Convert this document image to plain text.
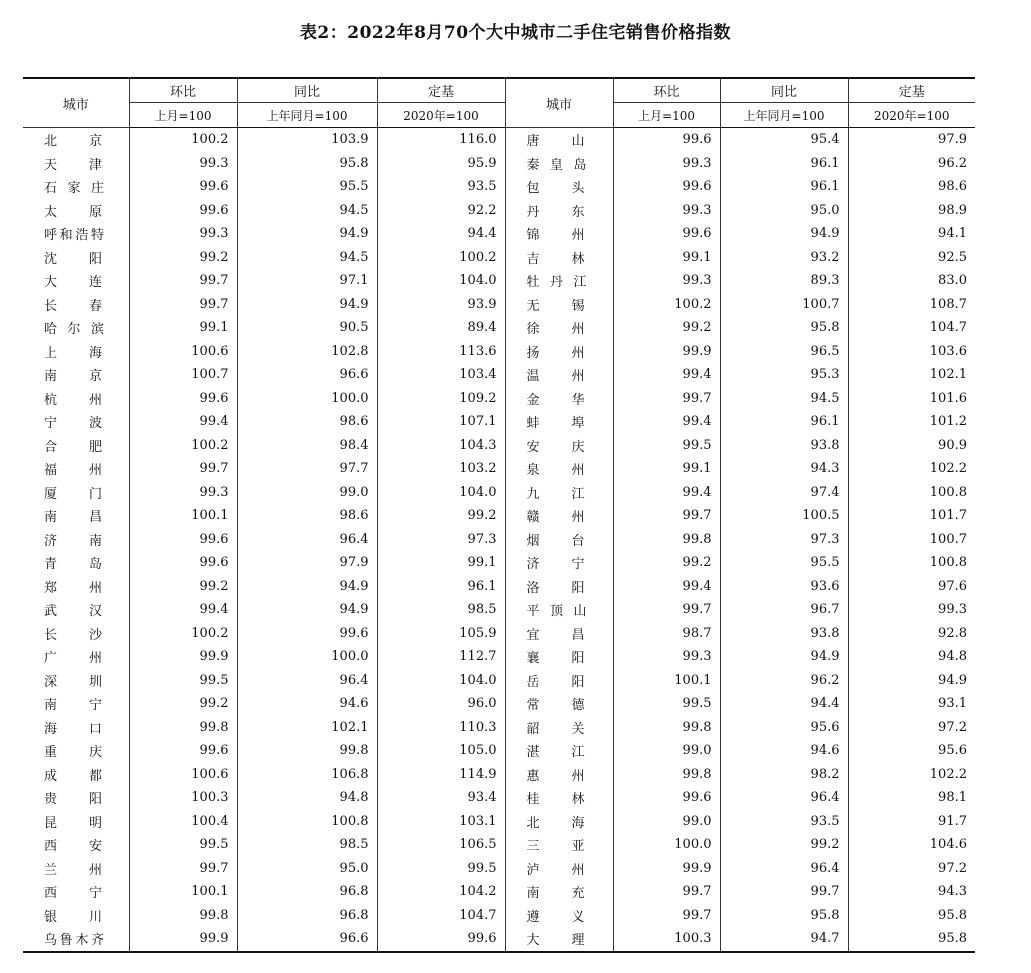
表2：2022年8月70个大中城市二手住宅销售价格指数
城市	环比	同比	定基	城市	环比	同比	定基
	上月=100	上年同月=100	2020年=100		上月=100	上年同月=100	2020年=100
北京	100.2	103.9	116.0	唐山	99.6	95.4	97.9
天津	99.3	95.8	95.9	秦皇岛	99.3	96.1	96.2
石家庄	99.6	95.5	93.5	包头	99.6	96.1	98.6
太原	99.6	94.5	92.2	丹东	99.3	95.0	98.9
呼和浩特	99.3	94.9	94.4	锦州	99.6	94.9	94.1
沈阳	99.2	94.5	100.2	吉林	99.1	93.2	92.5
大连	99.7	97.1	104.0	牡丹江	99.3	89.3	83.0
长春	99.7	94.9	93.9	无锡	100.2	100.7	108.7
哈尔滨	99.1	90.5	89.4	徐州	99.2	95.8	104.7
上海	100.6	102.8	113.6	扬州	99.9	96.5	103.6
南京	100.7	96.6	103.4	温州	99.4	95.3	102.1
杭州	99.6	100.0	109.2	金华	99.7	94.5	101.6
宁波	99.4	98.6	107.1	蚌埠	99.4	96.1	101.2
合肥	100.2	98.4	104.3	安庆	99.5	93.8	90.9
福州	99.7	97.7	103.2	泉州	99.1	94.3	102.2
厦门	99.3	99.0	104.0	九江	99.4	97.4	100.8
南昌	100.1	98.6	99.2	赣州	99.7	100.5	101.7
济南	99.6	96.4	97.3	烟台	99.8	97.3	100.7
青岛	99.6	97.9	99.1	济宁	99.2	95.5	100.8
郑州	99.2	94.9	96.1	洛阳	99.4	93.6	97.6
武汉	99.4	94.9	98.5	平顶山	99.7	96.7	99.3
长沙	100.2	99.6	105.9	宜昌	98.7	93.8	92.8
广州	99.9	100.0	112.7	襄阳	99.3	94.9	94.8
深圳	99.5	96.4	104.0	岳阳	100.1	96.2	94.9
南宁	99.2	94.6	96.0	常德	99.5	94.4	93.1
海口	99.8	102.1	110.3	韶关	99.8	95.6	97.2
重庆	99.6	99.8	105.0	湛江	99.0	94.6	95.6
成都	100.6	106.8	114.9	惠州	99.8	98.2	102.2
贵阳	100.3	94.8	93.4	桂林	99.6	96.4	98.1
昆明	100.4	100.8	103.1	北海	99.0	93.5	91.7
西安	99.5	98.5	106.5	三亚	100.0	99.2	104.6
兰州	99.7	95.0	99.5	泸州	99.9	96.4	97.2
西宁	100.1	96.8	104.2	南充	99.7	99.7	94.3
银川	99.8	96.8	104.7	遵义	99.7	95.8	95.8
乌鲁木齐	99.9	96.6	99.6	大理	100.3	94.7	95.8
